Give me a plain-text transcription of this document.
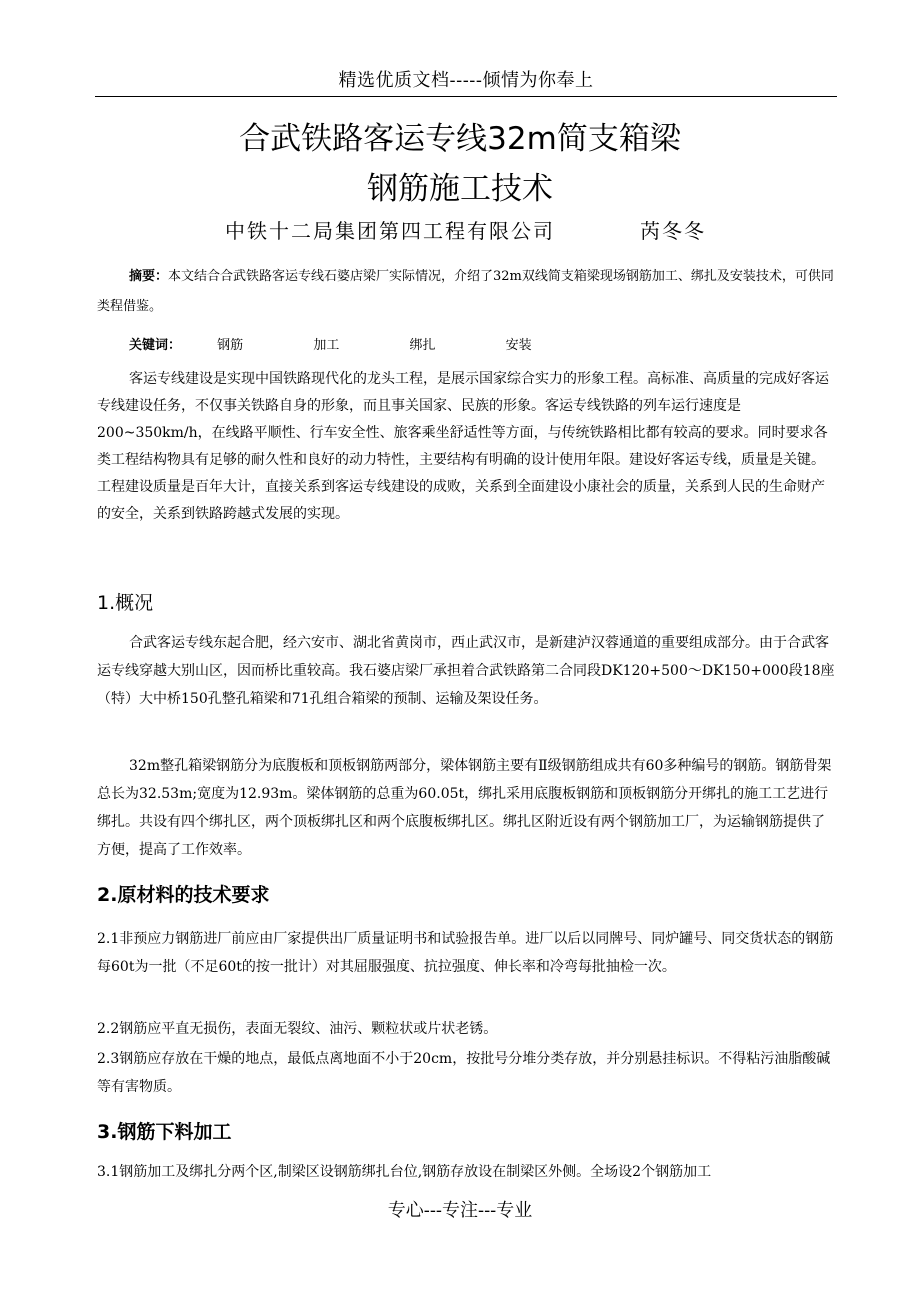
精选优质文档-----倾情为你奉上
合武铁路客运专线32m简支箱梁
钢筋施工技术
中铁十二局集团第四工程有限公司	芮冬冬
摘要：本文结合合武铁路客运专线石婆店梁厂实际情况，介绍了32m双线简支箱梁现场钢筋加工、绑扎及安装技术，可供同类程借鉴。
关键词：	钢筋	加工	绑扎	安装
客运专线建设是实现中国铁路现代化的龙头工程，是展示国家综合实力的形象工程。高标准、高质量的完成好客运专线建设任务，不仅事关铁路自身的形象，而且事关国家、民族的形象。客运专线铁路的列车运行速度是200~350km/h，在线路平顺性、行车安全性、旅客乘坐舒适性等方面，与传统铁路相比都有较高的要求。同时要求各类工程结构物具有足够的耐久性和良好的动力特性，主要结构有明确的设计使用年限。建设好客运专线，质量是关键。工程建设质量是百年大计，直接关系到客运专线建设的成败，关系到全面建设小康社会的质量，关系到人民的生命财产的安全，关系到铁路跨越式发展的实现。
1.概况
合武客运专线东起合肥，经六安市、湖北省黄岗市，西止武汉市，是新建泸汉蓉通道的重要组成部分。由于合武客运专线穿越大别山区，因而桥比重较高。我石婆店梁厂承担着合武铁路第二合同段DK120+500～DK150+000段18座（特）大中桥150孔整孔箱梁和71孔组合箱梁的预制、运输及架设任务。
32m整孔箱梁钢筋分为底腹板和顶板钢筋两部分，梁体钢筋主要有Ⅱ级钢筋组成共有60多种编号的钢筋。钢筋骨架总长为32.53m;宽度为12.93m。梁体钢筋的总重为60.05t，绑扎采用底腹板钢筋和顶板钢筋分开绑扎的施工工艺进行绑扎。共设有四个绑扎区，两个顶板绑扎区和两个底腹板绑扎区。绑扎区附近设有两个钢筋加工厂，为运输钢筋提供了方便，提高了工作效率。
2.原材料的技术要求
2.1非预应力钢筋进厂前应由厂家提供出厂质量证明书和试验报告单。进厂以后以同牌号、同炉罐号、同交货状态的钢筋每60t为一批（不足60t的按一批计）对其屈服强度、抗拉强度、伸长率和冷弯每批抽检一次。
2.2钢筋应平直无损伤，表面无裂纹、油污、颗粒状或片状老锈。
2.3钢筋应存放在干燥的地点，最低点离地面不小于20cm，按批号分堆分类存放，并分别悬挂标识。不得粘污油脂酸碱等有害物质。
3.钢筋下料加工
3.1钢筋加工及绑扎分两个区,制梁区设钢筋绑扎台位,钢筋存放设在制梁区外侧。全场设2个钢筋加工
专心---专注---专业
